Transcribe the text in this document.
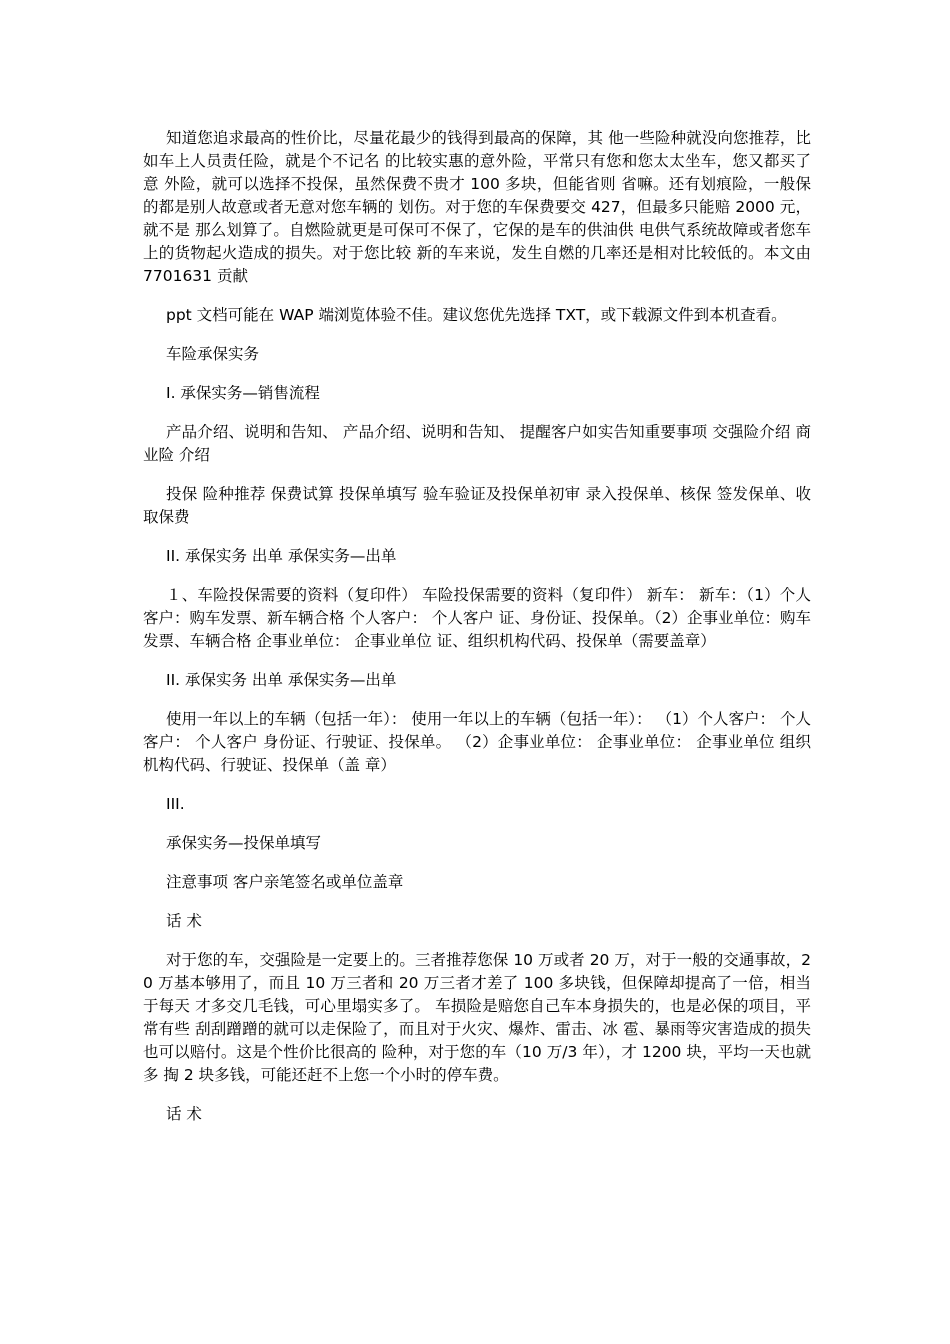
知道您追求最高的性价比，尽量花最少的钱得到最高的保障，其 他一些险种就没向您推荐，比如车上人员责任险，就是个不记名 的比较实惠的意外险，平常只有您和您太太坐车，您又都买了意 外险，就可以选择不投保，虽然保费不贵才 100 多块，但能省则 省嘛。还有划痕险，一般保的都是别人故意或者无意对您车辆的 划伤。对于您的车保费要交 427，但最多只能赔 2000 元，就不是 那么划算了。自燃险就更是可保可不保了，它保的是车的供油供 电供气系统故障或者您车上的货物起火造成的损失。对于您比较 新的车来说，发生自燃的几率还是相对比较低的。本文由 7701631 贡献

ppt 文档可能在 WAP 端浏览体验不佳。建议您优先选择 TXT，或下载源文件到本机查看。

车险承保实务

I. 承保实务—销售流程

产品介绍、说明和告知、 产品介绍、说明和告知、 提醒客户如实告知重要事项 交强险介绍 商业险 介绍

投保 险种推荐 保费试算 投保单填写 验车验证及投保单初审 录入投保单、核保 签发保单、收取保费

II. 承保实务 出单 承保实务—出单

１、车险投保需要的资料（复印件） 车险投保需要的资料（复印件） 新车： 新车：（1）个人客户：购车发票、新车辆合格 个人客户： 个人客户 证、身份证、投保单。（2）企事业单位：购车发票、车辆合格 企事业单位： 企事业单位 证、组织机构代码、投保单（需要盖章）

II. 承保实务 出单 承保实务—出单

使用一年以上的车辆（包括一年）： 使用一年以上的车辆（包括一年）： （1）个人客户： 个人客户： 个人客户 身份证、行驶证、投保单。 （2）企事业单位： 企事业单位： 企事业单位 组织机构代码、行驶证、投保单（盖 章）

III.

承保实务—投保单填写

注意事项 客户亲笔签名或单位盖章

话 术

对于您的车，交强险是一定要上的。三者推荐您保 10 万或者 20 万，对于一般的交通事故，20 万基本够用了，而且 10 万三者和 20 万三者才差了 100 多块钱，但保障却提高了一倍，相当于每天 才多交几毛钱，可心里塌实多了。 车损险是赔您自己车本身损失的，也是必保的项目，平常有些 刮刮蹭蹭的就可以走保险了，而且对于火灾、爆炸、雷击、冰 雹、暴雨等灾害造成的损失也可以赔付。这是个性价比很高的 险种，对于您的车（10 万/3 年），才 1200 块，平均一天也就多 掏 2 块多钱，可能还赶不上您一个小时的停车费。

话 术
